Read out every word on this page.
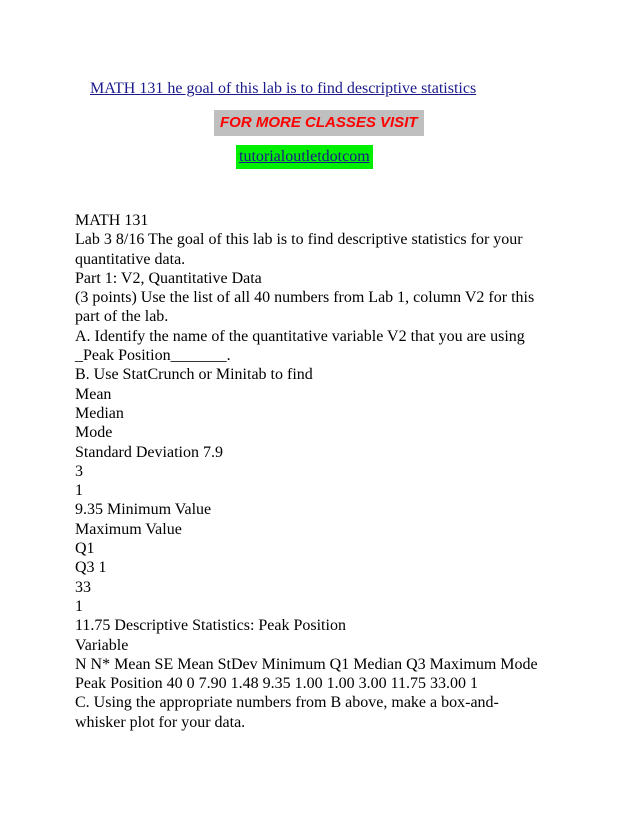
MATH 131 he goal of this lab is to find descriptive statistics
FOR MORE CLASSES VISIT
tutorialoutletdotcom
MATH 131
Lab 3 8/16 The goal of this lab is to find descriptive statistics for your
quantitative data.
Part 1: V2, Quantitative Data
(3 points) Use the list of all 40 numbers from Lab 1, column V2 for this
part of the lab.
A. Identify the name of the quantitative variable V2 that you are using
_Peak Position_______.
B. Use StatCrunch or Minitab to find
Mean
Median
Mode
Standard Deviation 7.9
3
1
9.35 Minimum Value
Maximum Value
Q1
Q3 1
33
1
11.75 Descriptive Statistics: Peak Position
Variable
N N* Mean SE Mean StDev Minimum Q1 Median Q3 Maximum Mode
Peak Position 40 0 7.90 1.48 9.35 1.00 1.00 3.00 11.75 33.00 1
C. Using the appropriate numbers from B above, make a box-and-
whisker plot for your data.
